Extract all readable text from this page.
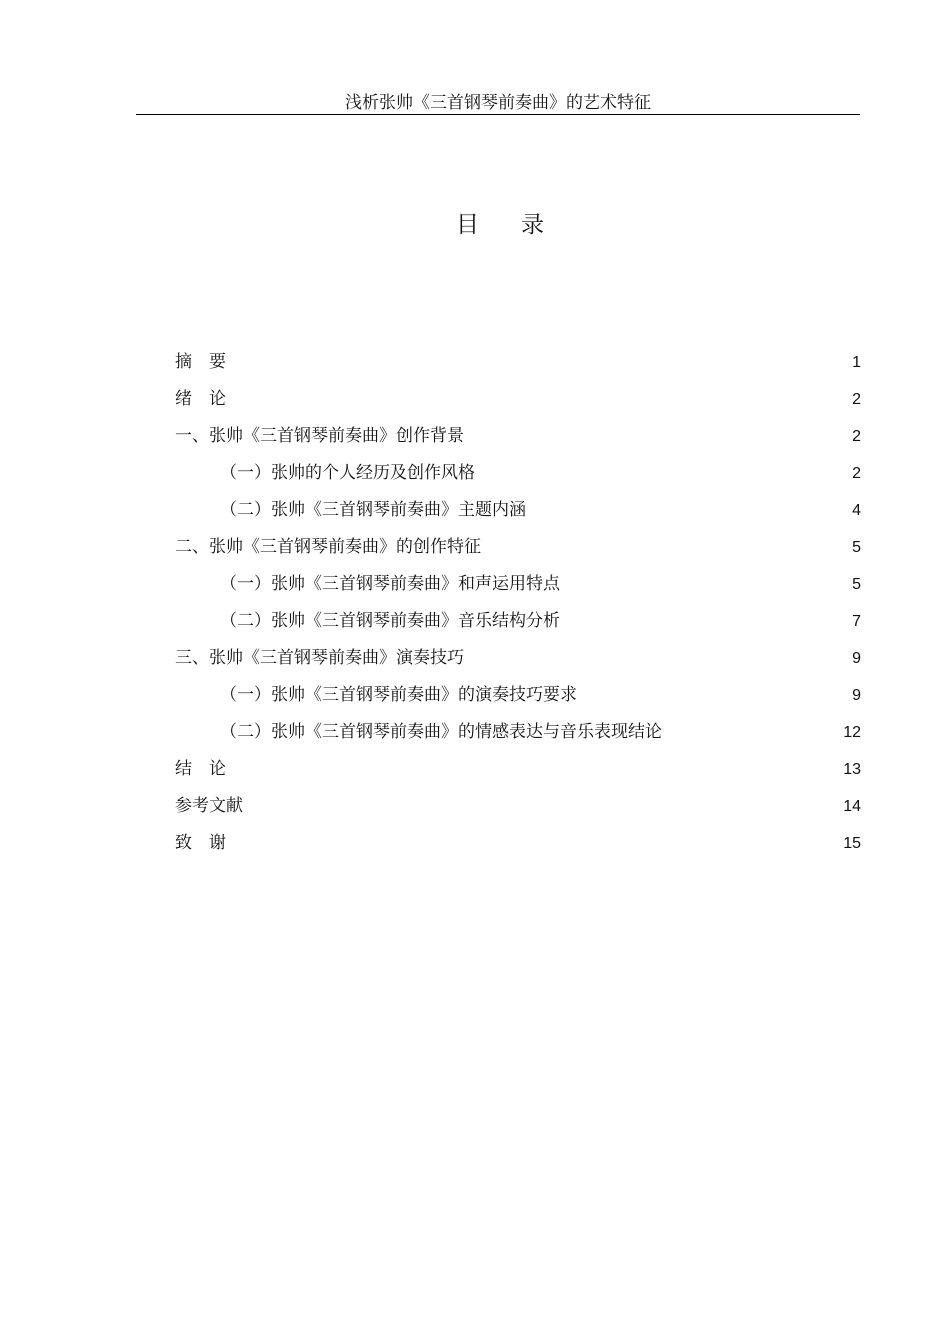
浅析张帅《三首钢琴前奏曲》的艺术特征
目录
摘　要	1
绪　论	2
一、张帅《三首钢琴前奏曲》创作背景	2
（一）张帅的个人经历及创作风格	2
（二）张帅《三首钢琴前奏曲》主题内涵	4
二、张帅《三首钢琴前奏曲》的创作特征	5
（一）张帅《三首钢琴前奏曲》和声运用特点	5
（二）张帅《三首钢琴前奏曲》音乐结构分析	7
三、张帅《三首钢琴前奏曲》演奏技巧	9
（一）张帅《三首钢琴前奏曲》的演奏技巧要求	9
（二）张帅《三首钢琴前奏曲》的情感表达与音乐表现结论	12
结　论	13
参考文献	14
致　谢	15
